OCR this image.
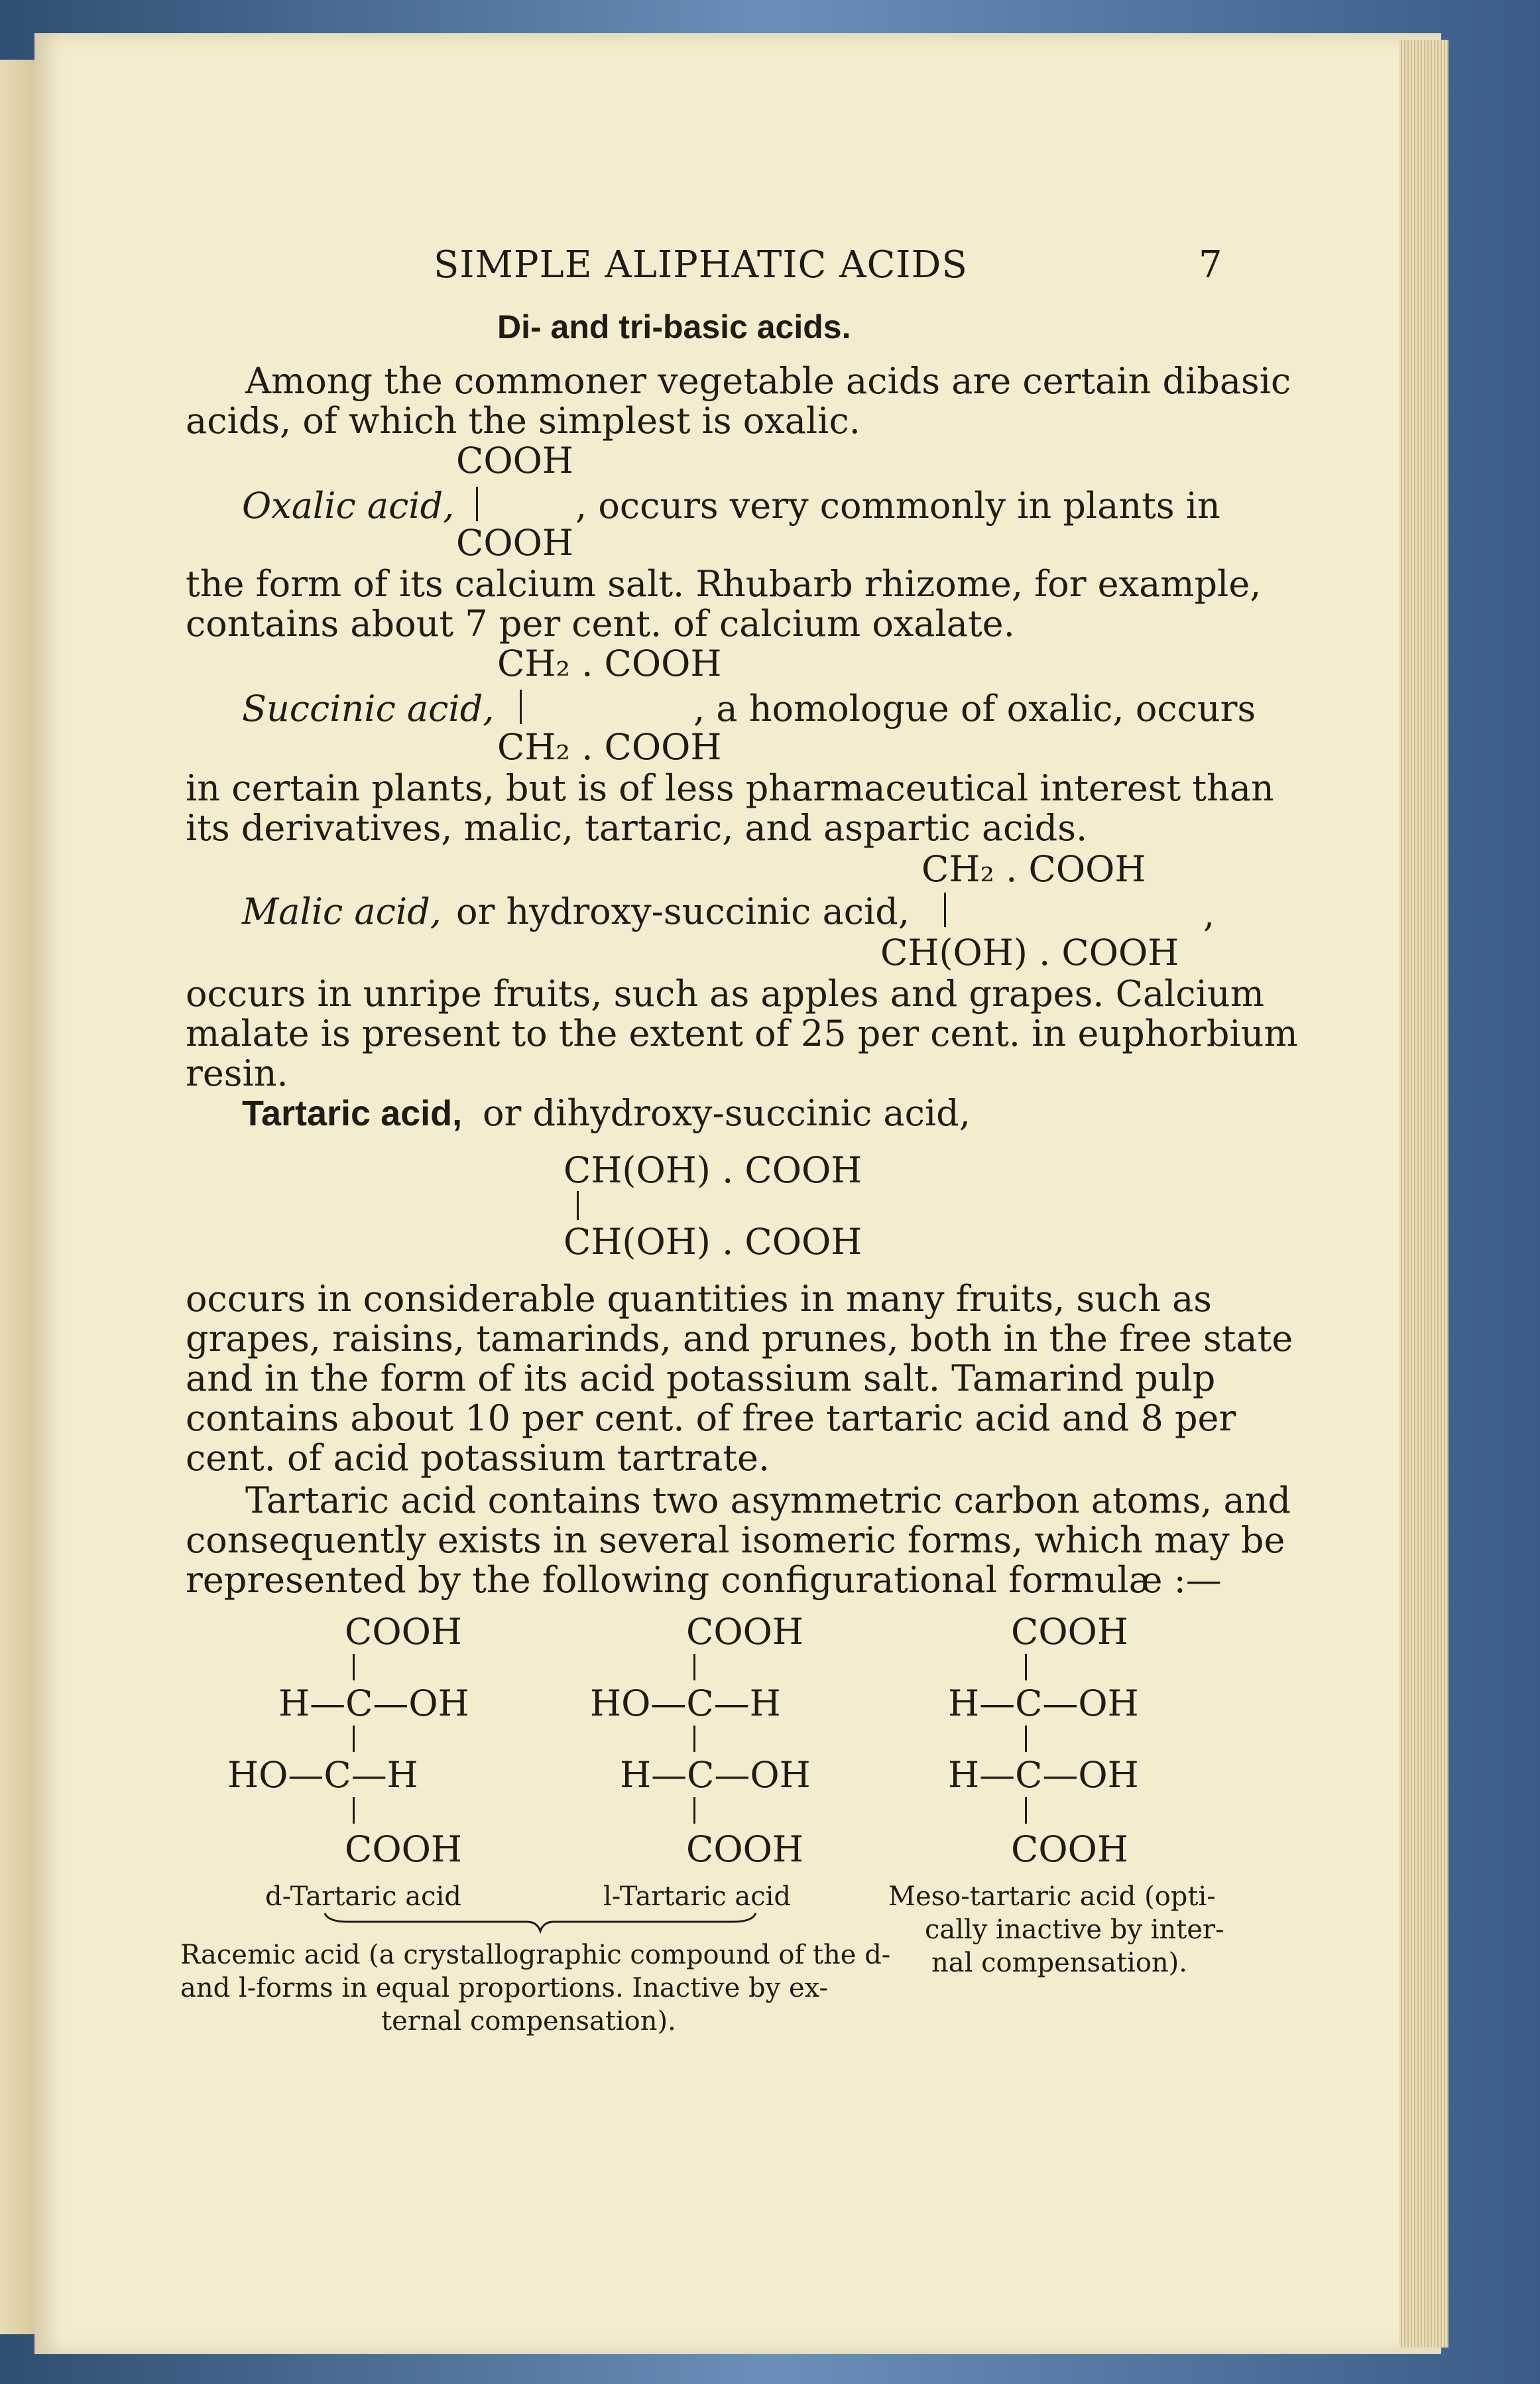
SIMPLE ALIPHATIC ACIDS	7
Di- and tri-basic acids.
Among the commoner vegetable acids are certain dibasic
acids, of which the simplest is oxalic.
COOH
Oxalic acid,	, occurs very commonly in plants in
COOH
the form of its calcium salt. Rhubarb rhizome, for example,
contains about 7 per cent. of calcium oxalate.
CH₂ . COOH
Succinic acid,	, a homologue of oxalic, occurs
CH₂ . COOH
in certain plants, but is of less pharmaceutical interest than
its derivatives, malic, tartaric, and aspartic acids.
CH₂ . COOH
Malic acid, or hydroxy-succinic acid,	,
CH(OH) . COOH
occurs in unripe fruits, such as apples and grapes. Calcium
malate is present to the extent of 25 per cent. in euphorbium
resin.
Tartaric acid, or dihydroxy-succinic acid,
CH(OH) . COOH
CH(OH) . COOH
occurs in considerable quantities in many fruits, such as
grapes, raisins, tamarinds, and prunes, both in the free state
and in the form of its acid potassium salt. Tamarind pulp
contains about 10 per cent. of free tartaric acid and 8 per
cent. of acid potassium tartrate.
Tartaric acid contains two asymmetric carbon atoms, and
consequently exists in several isomeric forms, which may be
represented by the following configurational formulæ :—
COOH
H—C—OH
HO—C—H
COOH
d-Tartaric acid
COOH
HO—C—H
H—C—OH
COOH
l-Tartaric acid
COOH
H—C—OH
H—C—OH
COOH
Meso-tartaric acid (opti-
cally inactive by inter-
nal compensation).
Racemic acid (a crystallographic compound of the d-
and l-forms in equal proportions. Inactive by ex-
ternal compensation).
